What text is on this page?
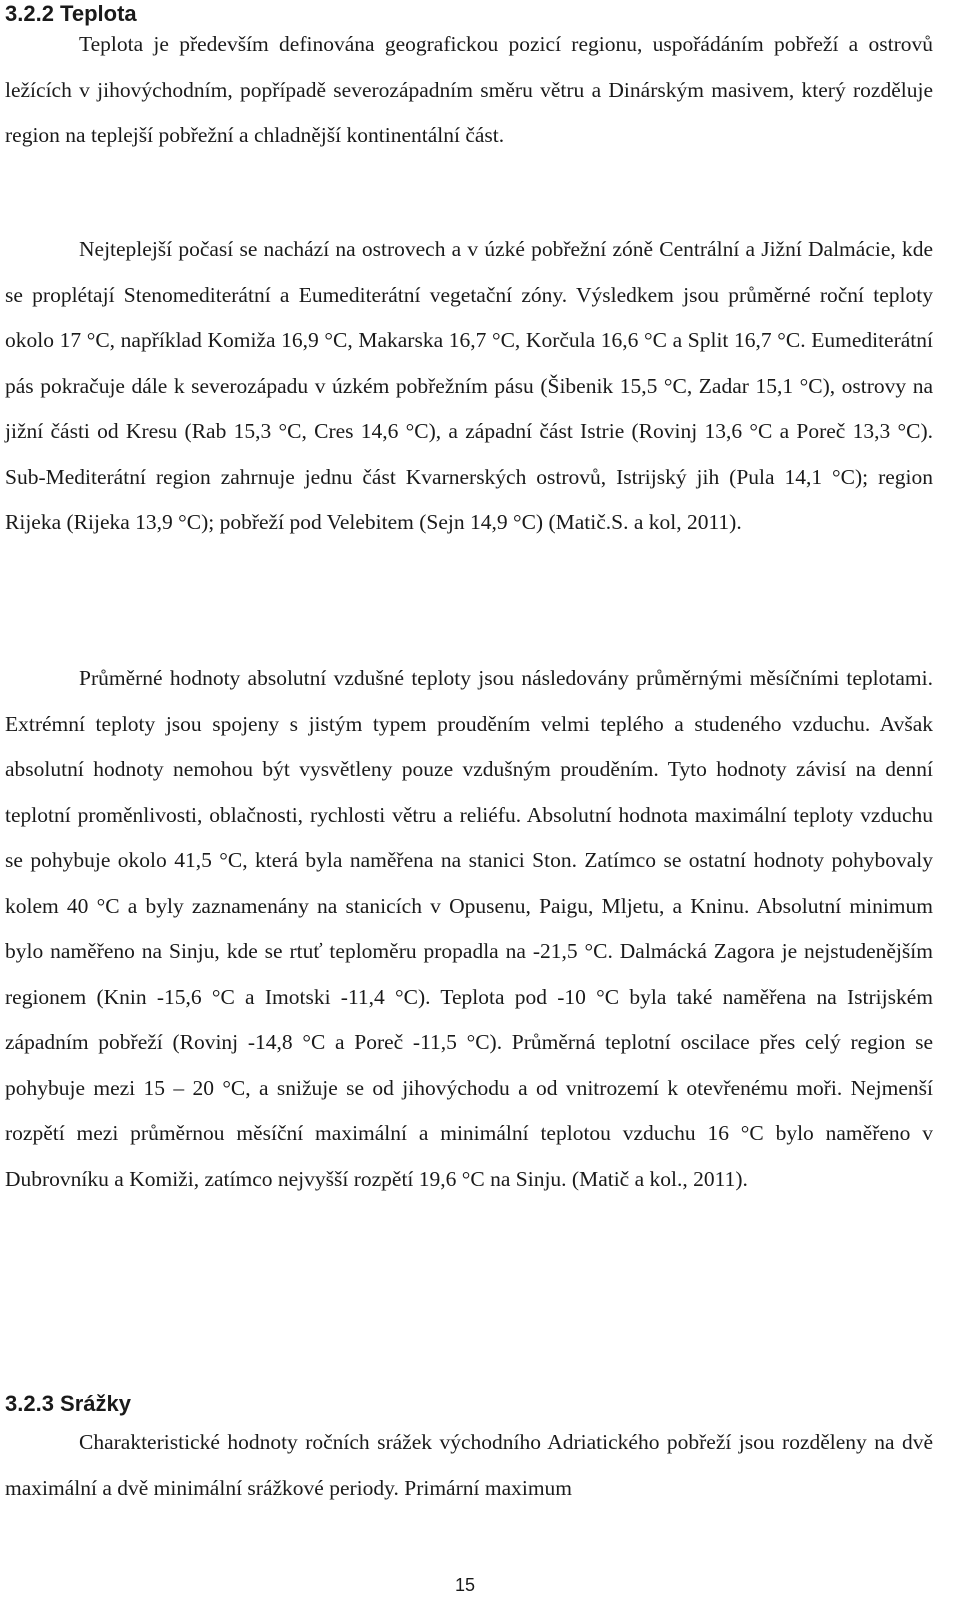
3.2.2 Teplota

Teplota je především definována geografickou pozicí regionu, uspořádáním pobřeží a ostrovů ležících v jihovýchodním, popřípadě severozápadním směru větru a Dinárským masivem, který rozděluje region na teplejší pobřežní a chladnější kontinentální část.

Nejteplejší počasí se nachází na ostrovech a v úzké pobřežní zóně Centrální a Jižní Dalmácie, kde se proplétají Stenomediterátní a Eumediterátní vegetační zóny. Výsledkem jsou průměrné roční teploty okolo 17 °C, například Komiža 16,9 °C, Makarska 16,7 °C, Korčula 16,6 °C a Split 16,7 °C. Eumediterátní pás pokračuje dále k severozápadu v úzkém pobřežním pásu (Šibenik 15,5 °C, Zadar 15,1 °C), ostrovy na jižní části od Kresu (Rab 15,3 °C, Cres 14,6 °C), a západní část Istrie (Rovinj 13,6 °C a Poreč 13,3 °C). Sub-Mediterátní region zahrnuje jednu část Kvarnerských ostrovů, Istrijský jih (Pula 14,1 °C); region Rijeka (Rijeka 13,9 °C); pobřeží pod Velebitem (Sejn 14,9 °C) (Matič.S. a kol, 2011).

Průměrné hodnoty absolutní vzdušné teploty jsou následovány průměrnými měsíčními teplotami. Extrémní teploty jsou spojeny s jistým typem prouděním velmi teplého a studeného vzduchu. Avšak absolutní hodnoty nemohou být vysvětleny pouze vzdušným prouděním. Tyto hodnoty závisí na denní teplotní proměnlivosti, oblačnosti, rychlosti větru a reliéfu. Absolutní hodnota maximální teploty vzduchu se pohybuje okolo 41,5 °C, která byla naměřena na stanici Ston. Zatímco se ostatní hodnoty pohybovaly kolem 40 °C a byly zaznamenány na stanicích v Opusenu, Paigu, Mljetu, a Kninu. Absolutní minimum bylo naměřeno na Sinju, kde se rtuť teploměru propadla na -21,5 °C. Dalmácká Zagora je nejstudenějším regionem (Knin -15,6 °C a Imotski -11,4 °C). Teplota pod -10 °C byla také naměřena na Istrijském západním pobřeží (Rovinj -14,8 °C a Poreč -11,5 °C). Průměrná teplotní oscilace přes celý region se pohybuje mezi 15 – 20 °C, a snižuje se od jihovýchodu a od vnitrozemí k otevřenému moři. Nejmenší rozpětí mezi průměrnou měsíční maximální a minimální teplotou vzduchu 16 °C bylo naměřeno v Dubrovníku a Komiži, zatímco nejvyšší rozpětí 19,6 °C na Sinju. (Matič a kol., 2011).

3.2.3 Srážky

Charakteristické hodnoty ročních srážek východního Adriatického pobřeží jsou rozděleny na dvě maximální a dvě minimální srážkové periody. Primární maximum

15
